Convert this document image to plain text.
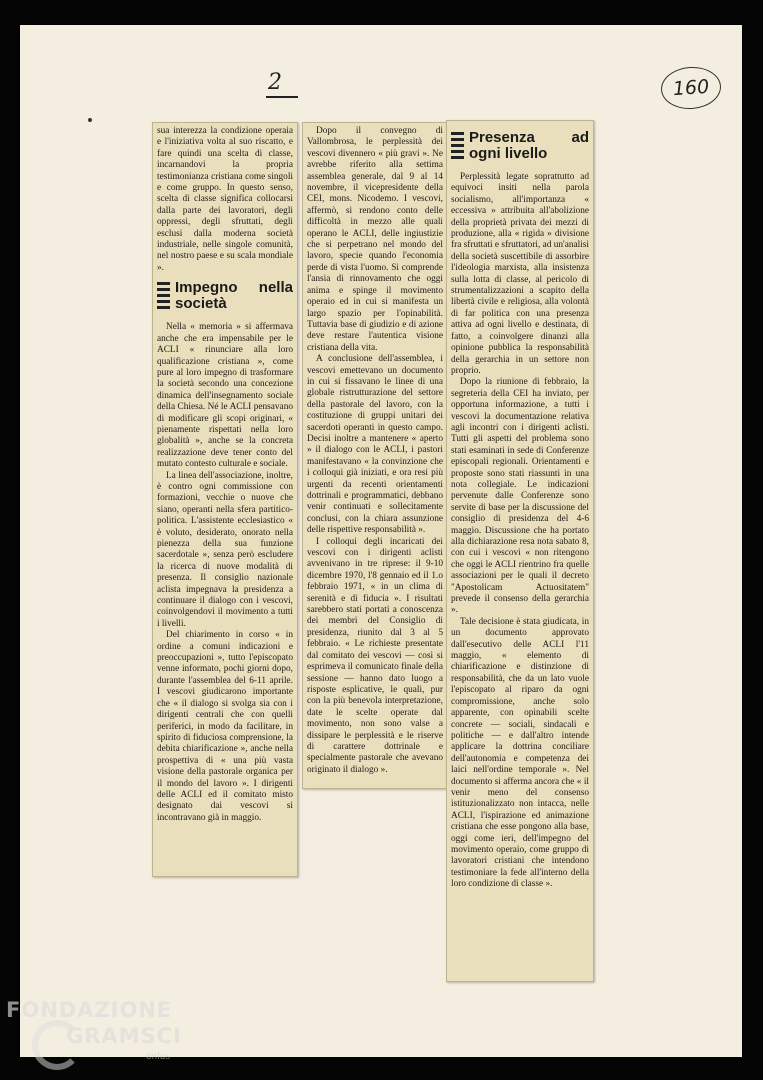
160
2

sua interezza la condizione operaia e l'iniziativa volta al suo riscatto, e fare quindi una scelta di classe, incarnandovi la propria testimonianza cristiana come singoli e come gruppo. In questo senso, scelta di classe significa collocarsi dalla parte dei lavoratori, degli oppressi, degli sfruttati, degli esclusi dalla moderna società industriale, nelle singole comunità, nel nostro paese e su scala mondiale ».

Impegno nella società

Nella « memoria » si affermava anche che era impensabile per le ACLI « rinunciare alla loro qualificazione cristiana », come pure al loro impegno di trasformare la società secondo una concezione dinamica dell'insegnamento sociale della Chiesa. Né le ACLI pensavano di modificare gli scopi originari, « pienamente rispettati nella loro globalità », anche se la concreta realizzazione deve tener conto del mutato contesto culturale e sociale.

La linea dell'associazione, inoltre, è contro ogni commissione con formazioni, vecchie o nuove che siano, operanti nella sfera partitico-politica. L'assistente ecclesiastico « è voluto, desiderato, onorato nella pienezza della sua funzione sacerdotale », senza però escludere la ricerca di nuove modalità di presenza. Il consiglio nazionale aclista impegnava la presidenza a continuare il dialogo con i vescovi, coinvolgendovi il movimento a tutti i livelli.

Del chiarimento in corso « in ordine a comuni indicazioni e preoccupazioni », tutto l'episcopato venne informato, pochi giorni dopo, durante l'assemblea del 6-11 aprile. I vescovi giudicarono importante che « il dialogo si svolga sia con i dirigenti centrali che con quelli periferici, in modo da facilitare, in spirito di fiduciosa comprensione, la debita chiarificazione », anche nella prospettiva di « una più vasta visione della pastorale organica per il mondo del lavoro ». I dirigenti delle ACLI ed il comitato misto designato dai vescovi si incontravano già in maggio.

Dopo il convegno di Vallombrosa, le perplessità dei vescovi divennero « più gravi ». Ne avrebbe riferito alla settima assemblea generale, dal 9 al 14 novembre, il vicepresidente della CEI, mons. Nicodemo. I vescovi, affermò, si rendono conto delle difficoltà in mezzo alle quali operano le ACLI, delle ingiustizie che si perpetrano nel mondo del lavoro, specie quando l'economia perde di vista l'uomo. Si comprende l'ansia di rinnovamento che oggi anima e spinge il movimento operaio ed in cui si manifesta un largo spazio per l'opinabilità. Tuttavia base di giudizio e di azione deve restare l'autentica visione cristiana della vita.

A conclusione dell'assemblea, i vescovi emettevano un documento in cui si fissavano le linee di una globale ristrutturazione del settore della pastorale del lavoro, con la costituzione di gruppi unitari dei sacerdoti operanti in questo campo. Decisi inoltre a mantenere « aperto » il dialogo con le ACLI, i pastori manifestavano « la convinzione che i colloqui già iniziati, e ora resi più urgenti da recenti orientamenti dottrinali e programmatici, debbano venir continuati e sollecitamente conclusi, con la chiara assunzione delle rispettive responsabilità ».

I colloqui degli incaricati dei vescovi con i dirigenti aclisti avvenivano in tre riprese: il 9-10 dicembre 1970, l'8 gennaio ed il 1.o febbraio 1971, « in un clima di serenità e di fiducia ». I risultati sarebbero stati portati a conoscenza dei membri del Consiglio di presidenza, riunito dal 3 al 5 febbraio. « Le richieste presentate dal comitato dei vescovi — così si esprimeva il comunicato finale della sessione — hanno dato luogo a risposte esplicative, le quali, pur con la più benevola interpretazione, date le scelte operate dal movimento, non sono valse a dissipare le perplessità e le riserve di carattere dottrinale e specialmente pastorale che avevano originato il dialogo ».

Presenza ad ogni livello

Perplessità legate soprattutto ad equivoci insiti nella parola socialismo, all'importanza « eccessiva » attribuita all'abolizione della proprietà privata dei mezzi di produzione, alla « rigida » divisione fra sfruttati e sfruttatori, ad un'analisi della società suscettibile di assorbire l'ideologia marxista, alla insistenza sulla lotta di classe, al pericolo di strumentalizzazioni a scapito della libertà civile e religiosa, alla volontà di far politica con una presenza attiva ad ogni livello e destinata, di fatto, a coinvolgere dinanzi alla opinione pubblica la responsabilità della gerarchia in un settore non proprio.

Dopo la riunione di febbraio, la segreteria della CEI ha inviato, per opportuna informazione, a tutti i vescovi la documentazione relativa agli incontri con i dirigenti aclisti. Tutti gli aspetti del problema sono stati esaminati in sede di Conferenze episcopali regionali. Orientamenti e proposte sono stati riassunti in una nota collegiale. Le indicazioni pervenute dalle Conferenze sono servite di base per la discussione del consiglio di presidenza del 4-6 maggio. Discussione che ha portato alla dichiarazione resa nota sabato 8, con cui i vescovi « non ritengono che oggi le ACLI rientrino fra quelle associazioni per le quali il decreto "Apostolicam Actuositatem" prevede il consenso della gerarchia ».

Tale decisione è stata giudicata, in un documento approvato dall'esecutivo delle ACLI l'11 maggio, « elemento di chiarificazione e distinzione di responsabilità, che da un lato vuole l'episcopato al riparo da ogni compromissione, anche solo apparente, con opinabili scelte concrete — sociali, sindacali e politiche — e dall'altro intende applicare la dottrina conciliare dell'autonomia e competenza dei laici nell'ordine temporale ». Nel documento si afferma ancora che « il venir meno del consenso istituzionalizzato non intacca, nelle ACLI, l'ispirazione ed animazione cristiana che esse pongono alla base, oggi come ieri, dell'impegno del movimento operaio, come gruppo di lavoratori cristiani che intendono testimoniare la fede all'interno della loro condizione di classe ».

FONDAZIONE
GRAMSCI
onlus
